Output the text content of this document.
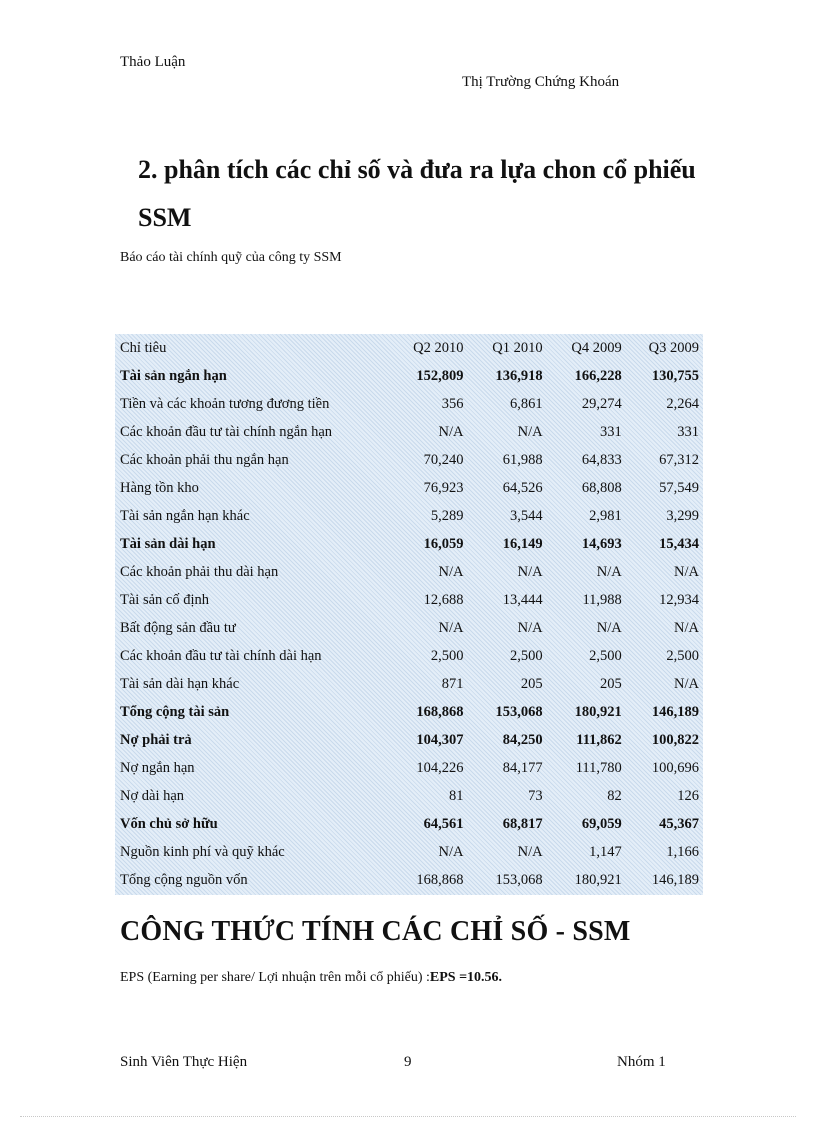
Thảo Luận
Thị Trường Chứng Khoán
2. phân tích các chỉ số và đưa ra lựa chon cổ phiếu SSM
Báo cáo tài chính quỹ của công ty SSM
Chỉ tiêu	Q2 2010	Q1 2010	Q4 2009	Q3 2009
Tài sản ngắn hạn	152,809	136,918	166,228	130,755
Tiền và các khoản tương đương tiền	356	6,861	29,274	2,264
Các khoản đầu tư tài chính ngắn hạn	N/A	N/A	331	331
Các khoản phải thu ngắn hạn	70,240	61,988	64,833	67,312
Hàng tồn kho	76,923	64,526	68,808	57,549
Tài sản ngắn hạn khác	5,289	3,544	2,981	3,299
Tài sản dài hạn	16,059	16,149	14,693	15,434
Các khoản phải thu dài hạn	N/A	N/A	N/A	N/A
Tài sản cố định	12,688	13,444	11,988	12,934
Bất động sản đầu tư	N/A	N/A	N/A	N/A
Các khoản đầu tư tài chính dài hạn	2,500	2,500	2,500	2,500
Tài sản dài hạn khác	871	205	205	N/A
Tổng cộng tài sản	168,868	153,068	180,921	146,189
Nợ phải trả	104,307	84,250	111,862	100,822
Nợ ngắn hạn	104,226	84,177	111,780	100,696
Nợ dài hạn	81	73	82	126
Vốn chủ sở hữu	64,561	68,817	69,059	45,367
Nguồn kinh phí và quỹ khác	N/A	N/A	1,147	1,166
Tổng cộng nguồn vốn	168,868	153,068	180,921	146,189
CÔNG THỨC TÍNH CÁC CHỈ SỐ - SSM
EPS (Earning per share/ Lợi nhuận trên mỗi cổ phiếu) :EPS =10.56.
Sinh Viên Thực Hiện	9	Nhóm 1
